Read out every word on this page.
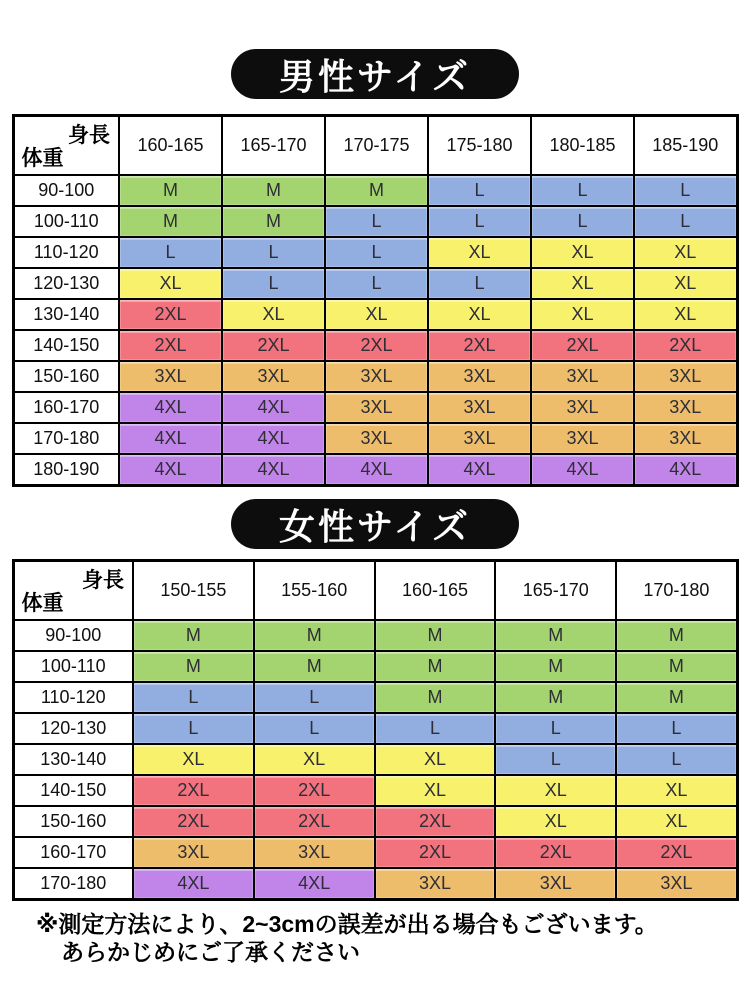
男性サイズ
身長
体重	160-165	165-170	170-175	175-180	180-185	185-190
90-100	M	M	M	L	L	L
100-110	M	M	L	L	L	L
110-120	L	L	L	XL	XL	XL
120-130	XL	L	L	L	XL	XL
130-140	2XL	XL	XL	XL	XL	XL
140-150	2XL	2XL	2XL	2XL	2XL	2XL
150-160	3XL	3XL	3XL	3XL	3XL	3XL
160-170	4XL	4XL	3XL	3XL	3XL	3XL
170-180	4XL	4XL	3XL	3XL	3XL	3XL
180-190	4XL	4XL	4XL	4XL	4XL	4XL
女性サイズ
身長
体重	150-155	155-160	160-165	165-170	170-180
90-100	M	M	M	M	M
100-110	M	M	M	M	M
110-120	L	L	M	M	M
120-130	L	L	L	L	L
130-140	XL	XL	XL	L	L
140-150	2XL	2XL	XL	XL	XL
150-160	2XL	2XL	2XL	XL	XL
160-170	3XL	3XL	2XL	2XL	2XL
170-180	4XL	4XL	3XL	3XL	3XL
※測定方法により、2~3cmの誤差が出る場合もございます。
あらかじめにご了承ください
